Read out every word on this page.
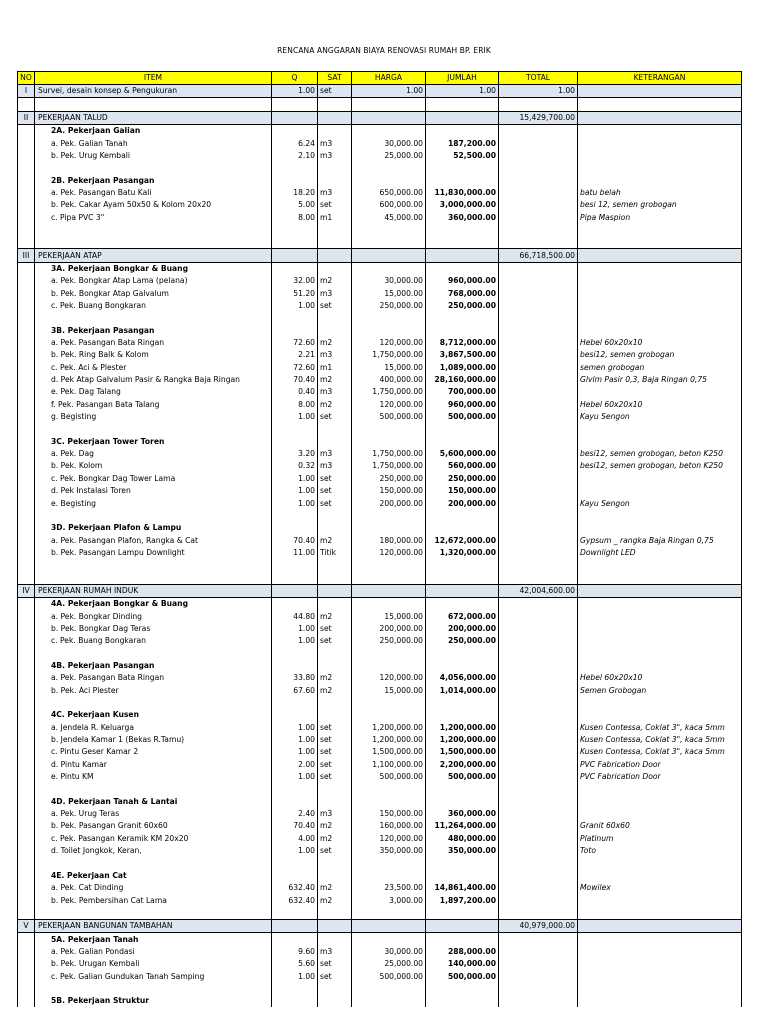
RENCANA ANGGARAN BIAYA RENOVASI RUMAH BP. ERIK
NO	ITEM	Q	SAT	HARGA	JUMLAH	TOTAL	KETERANGAN
I	Survei, desain konsep & Pengukuran	1.00	set	1.00	1.00	1.00	

II	PEKERJAAN TALUD					15,429,700.00	
	2A. Pekerjaan Galian						
	a. Pek. Galian Tanah	6.24	m3	30,000.00	187,200.00		
	b. Pek. Urug Kembali	2.10	m3	25,000.00	52,500.00		

	2B. Pekerjaan Pasangan						
	a. Pek. Pasangan Batu Kali	18.20	m3	650,000.00	11,830,000.00		batu belah
	b. Pek. Cakar Ayam 50x50 & Kolom 20x20	5.00	set	600,000.00	3,000,000.00		besi 12, semen grobogan
	c. Pipa PVC 3"	8.00	m1	45,000.00	360,000.00		Pipa Maspion

III	PEKERJAAN ATAP					66,718,500.00	
	3A. Pekerjaan Bongkar & Buang						
	a. Pek. Bongkar Atap Lama (pelana)	32.00	m2	30,000.00	960,000.00		
	b. Pek. Bongkar Atap Galvalum	51.20	m3	15,000.00	768,000.00		
	c. Pek. Buang Bongkaran	1.00	set	250,000.00	250,000.00		

	3B. Pekerjaan Pasangan						
	a. Pek. Pasangan Bata Ringan	72.60	m2	120,000.00	8,712,000.00		Hebel 60x20x10
	b. Pek. Ring Balk & Kolom	2.21	m3	1,750,000.00	3,867,500.00		besi12, semen grobogan
	c. Pek. Aci & Plester	72.60	m1	15,000.00	1,089,000.00		semen grobogan
	d. Pek Atap Galvalum Pasir & Rangka Baja Ringan	70.40	m2	400,000.00	28,160,000.00		Glvlm Pasir 0,3, Baja Ringan 0,75
	e. Pek. Dag Talang	0.40	m3	1,750,000.00	700,000.00		
	f. Pek. Pasangan Bata Talang	8.00	m2	120,000.00	960,000.00		Hebel 60x20x10
	g. Begisting	1.00	set	500,000.00	500,000.00		Kayu Sengon

	3C. Pekerjaan Tower Toren						
	a. Pek. Dag	3.20	m3	1,750,000.00	5,600,000.00		besi12, semen grobogan, beton K250
	b. Pek. Kolom	0.32	m3	1,750,000.00	560,000.00		besi12, semen grobogan, beton K250
	c. Pek. Bongkar Dag Tower Lama	1.00	set	250,000.00	250,000.00		
	d. Pek Instalasi Toren	1.00	set	150,000.00	150,000.00		
	e. Begisting	1.00	set	200,000.00	200,000.00		Kayu Sengon

	3D. Pekerjaan Plafon & Lampu						
	a. Pek. Pasangan Plafon, Rangka & Cat	70.40	m2	180,000.00	12,672,000.00		Gypsum _ rangka Baja Ringan 0,75
	b. Pek. Pasangan Lampu Downlight	11.00	Titik	120,000.00	1,320,000.00		Downlight LED

IV	PEKERJAAN RUMAH INDUK					42,004,600.00	
	4A. Pekerjaan Bongkar & Buang						
	a. Pek. Bongkar Dinding	44.80	m2	15,000.00	672,000.00		
	b. Pek. Bongkar Dag Teras	1.00	set	200,000.00	200,000.00		
	c. Pek. Buang Bongkaran	1.00	set	250,000.00	250,000.00		

	4B. Pekerjaan Pasangan						
	a. Pek. Pasangan Bata Ringan	33.80	m2	120,000.00	4,056,000.00		Hebel 60x20x10
	b. Pek. Aci Plester	67.60	m2	15,000.00	1,014,000.00		Semen Grobogan

	4C. Pekerjaan Kusen						
	a. Jendela R. Keluarga	1.00	set	1,200,000.00	1,200,000.00		Kusen Contessa, Coklat 3", kaca 5mm
	b. Jendela Kamar 1 (Bekas R.Tamu)	1.00	set	1,200,000.00	1,200,000.00		Kusen Contessa, Coklat 3", kaca 5mm
	c. Pintu Geser Kamar 2	1.00	set	1,500,000.00	1,500,000.00		Kusen Contessa, Coklat 3", kaca 5mm
	d. Pintu Kamar	2.00	set	1,100,000.00	2,200,000.00		PVC Fabrication Door
	e. Pintu KM	1.00	set	500,000.00	500,000.00		PVC Fabrication Door

	4D. Pekerjaan Tanah & Lantai						
	a. Pek. Urug Teras	2.40	m3	150,000.00	360,000.00		
	b. Pek. Pasangan Granit 60x60	70.40	m2	160,000.00	11,264,000.00		Granit 60x60
	c. Pek. Pasangan Keramik KM 20x20	4.00	m2	120,000.00	480,000.00		Platinum
	d. Toilet Jongkok, Keran,	1.00	set	350,000.00	350,000.00		Toto

	4E. Pekerjaan Cat						
	a. Pek. Cat Dinding	632.40	m2	23,500.00	14,861,400.00		Mowilex
	b. Pek. Pembersihan Cat Lama	632.40	m2	3,000.00	1,897,200.00		

V	PEKERJAAN BANGUNAN TAMBAHAN					40,979,000.00	
	5A. Pekerjaan Tanah						
	a. Pek. Galian Pondasi	9.60	m3	30,000.00	288,000.00		
	b. Pek. Urugan Kembali	5.60	set	25,000.00	140,000.00		
	c. Pek. Galian Gundukan Tanah Samping	1.00	set	500,000.00	500,000.00		

	5B. Pekerjaan Struktur						
